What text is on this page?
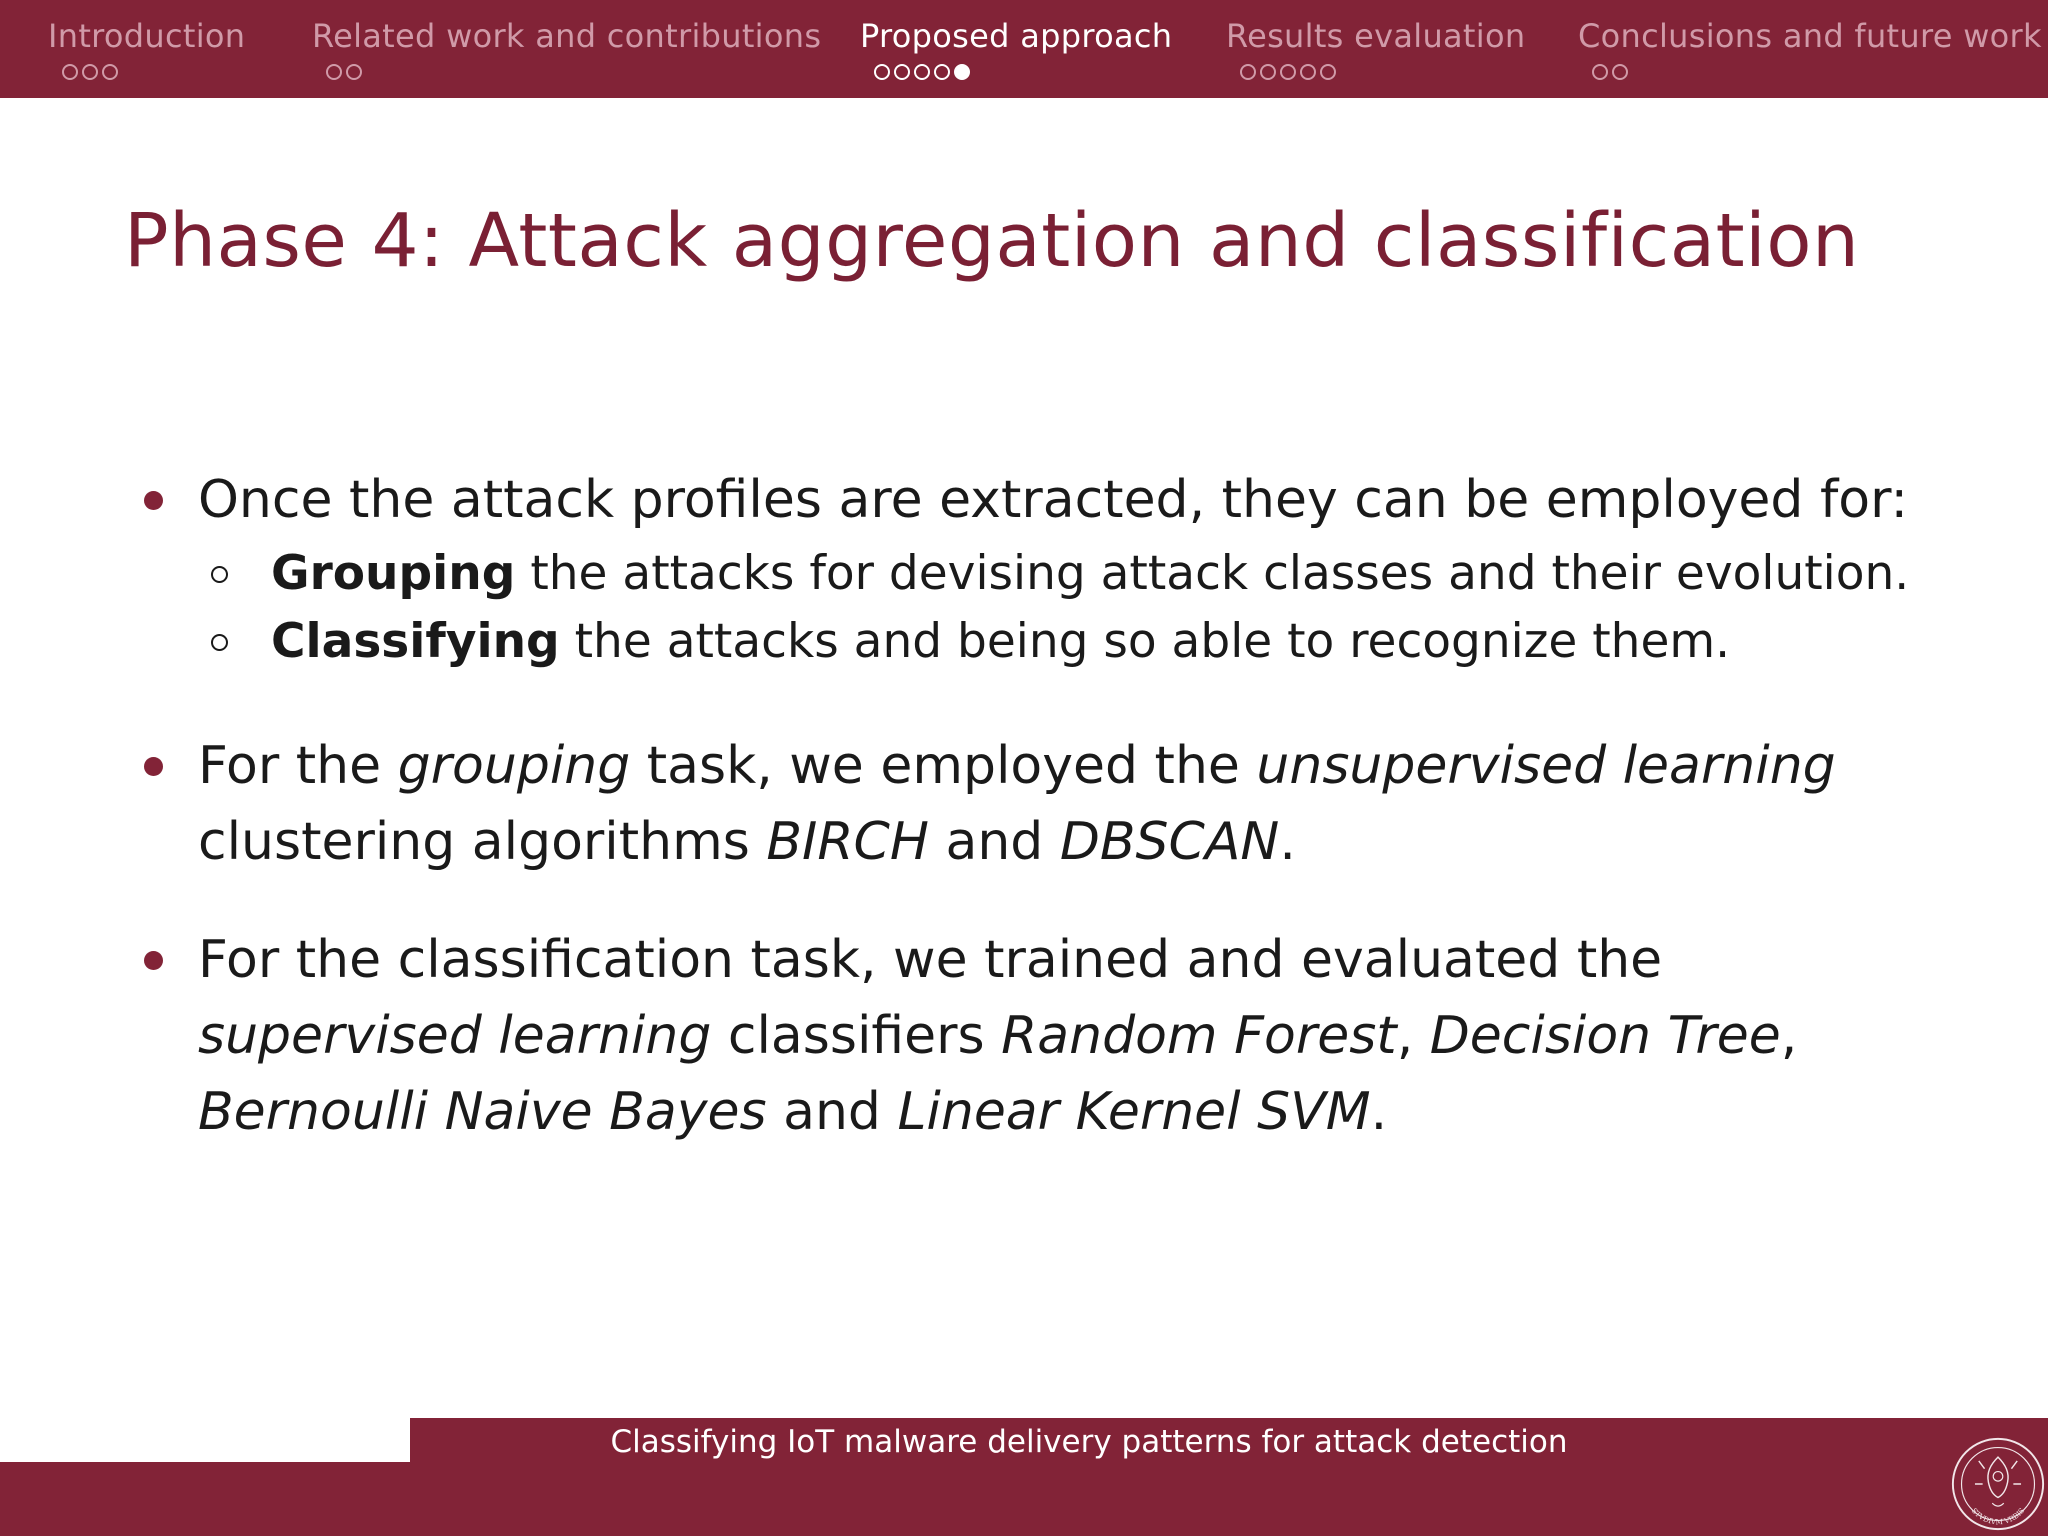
Introduction Related work and contributions Proposed approach Results evaluation Conclusions and future work
Phase 4: Attack aggregation and classification
Once the attack profiles are extracted, they can be employed for:
Grouping the attacks for devising attack classes and their evolution.
Classifying the attacks and being so able to recognize them.
For the grouping task, we employed the unsupervised learning
clustering algorithms BIRCH and DBSCAN.
For the classification task, we trained and evaluated the supervised learning classifiers Random Forest, Decision Tree, Bernoulli Naive Bayes and Linear Kernel SVM.
Classifying IoT malware delivery patterns for attack detection
STVDIVM VRBIS
